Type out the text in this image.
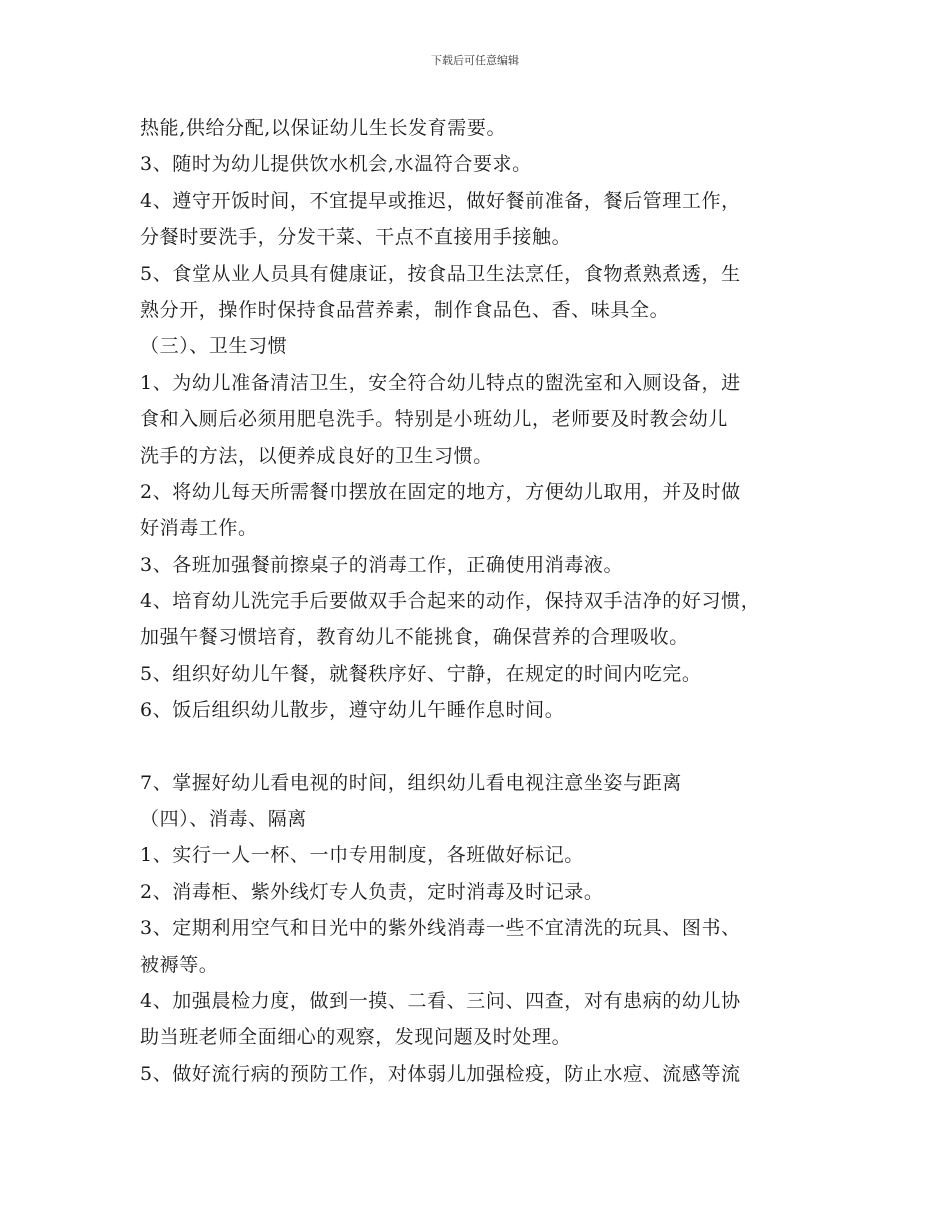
下载后可任意编辑
热能,供给分配,以保证幼儿生长发育需要。
3、随时为幼儿提供饮水机会,水温符合要求。
4、遵守开饭时间，不宜提早或推迟，做好餐前准备，餐后管理工作，
分餐时要洗手，分发干菜、干点不直接用手接触。
5、食堂从业人员具有健康证，按食品卫生法烹任，食物煮熟煮透，生
熟分开，操作时保持食品营养素，制作食品色、香、味具全。
（三）、卫生习惯
1、为幼儿准备清洁卫生，安全符合幼儿特点的盥洗室和入厕设备，进
食和入厕后必须用肥皂洗手。特别是小班幼儿，老师要及时教会幼儿
洗手的方法，以便养成良好的卫生习惯。
2、将幼儿每天所需餐巾摆放在固定的地方，方便幼儿取用，并及时做
好消毒工作。
3、各班加强餐前擦桌子的消毒工作，正确使用消毒液。
4、培育幼儿洗完手后要做双手合起来的动作，保持双手洁净的好习惯，
加强午餐习惯培育，教育幼儿不能挑食，确保营养的合理吸收。
5、组织好幼儿午餐，就餐秩序好、宁静，在规定的时间内吃完。
6、饭后组织幼儿散步，遵守幼儿午睡作息时间。
7、掌握好幼儿看电视的时间，组织幼儿看电视注意坐姿与距离
（四）、消毒、隔离
1、实行一人一杯、一巾专用制度，各班做好标记。
2、消毒柜、紫外线灯专人负责，定时消毒及时记录。
3、定期利用空气和日光中的紫外线消毒一些不宜清洗的玩具、图书、
被褥等。
4、加强晨检力度，做到一摸、二看、三问、四查，对有患病的幼儿协
助当班老师全面细心的观察，发现问题及时处理。
5、做好流行病的预防工作，对体弱儿加强检疫，防止水痘、流感等流
